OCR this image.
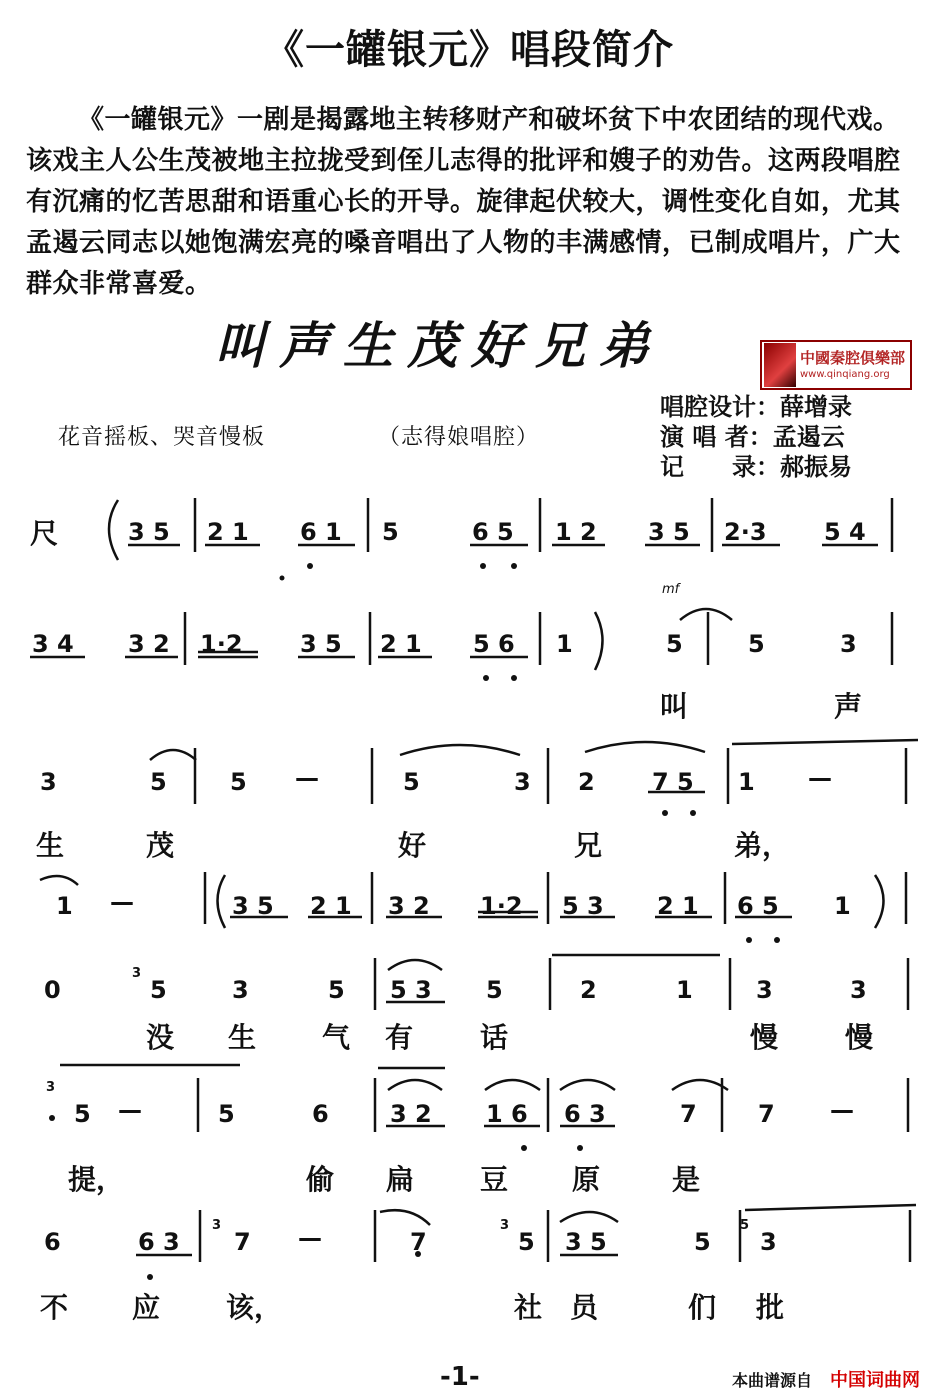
《一罐银元》唱段简介

《一罐银元》一剧是揭露地主转移财产和破坏贫下中农团结的现代戏。该戏主人公生茂被地主拉拢受到侄儿志得的批评和嫂子的劝告。这两段唱腔有沉痛的忆苦思甜和语重心长的开导。旋律起伏较大，调性变化自如，尤其孟遏云同志以她饱满宏亮的嗓音唱出了人物的丰满感情，已制成唱片，广大群众非常喜爱。

叫声生茂好兄弟	中國秦腔俱樂部
www.qinqiang.org
唱腔设计：薛增录
演 唱 者：孟遏云
记　　录：郝振易
花音摇板、哭音慢板	（志得娘唱腔）
尺
mf
3 5 2 1 6 1 5	6 5 1 2 3 5 2·3 5 4
3 4 3 2 1·2 3 5 2 1 5 6 1	5	5	3
叫	声
3	5	5 —	5	3 2 7 5 1 —
生	茂	好	兄	弟，
1 —	3 5 2 1 3 2 1·2 5 3 2 1 6 5 1
0
3
5	3	5 5 3 5	2	1	3	3
没 生 气 有 话	慢 慢
3
5 —	5	6	3 2 1 6 6 3	7	7 —
提，	偷 扁 豆 原	是
6	6 3
3
7 —	7
3
5 3 5	5
5
3
不 应 该，	社 员	们 批
-1-	本曲谱源自 中国词曲网
